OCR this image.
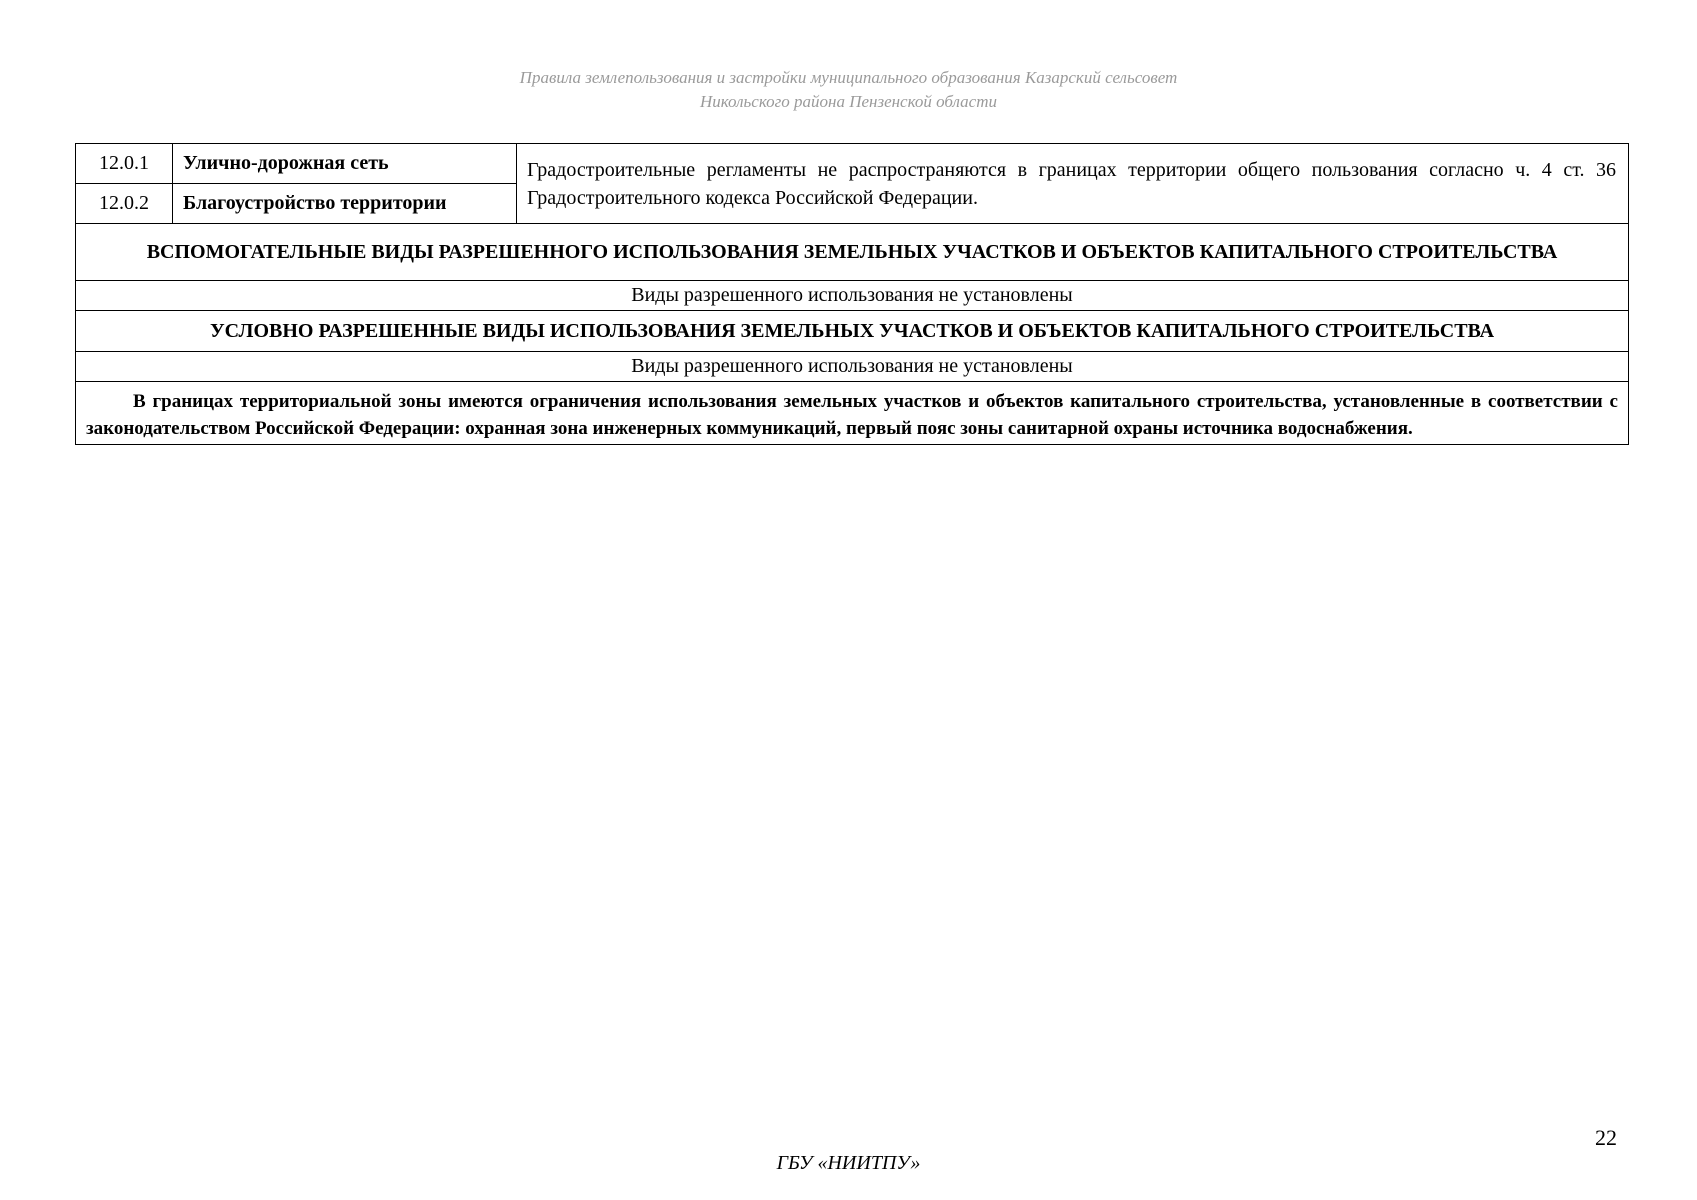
Правила землепользования и застройки муниципального образования Казарский сельсовет
Никольского района Пензенской области
12.0.1	Улично-дорожная сеть	Градостроительные регламенты не распространяются в границах территории общего пользования согласно ч. 4 ст. 36 Градостроительного кодекса Российской Федерации.
12.0.2	Благоустройство территории	
ВСПОМОГАТЕЛЬНЫЕ ВИДЫ РАЗРЕШЕННОГО ИСПОЛЬЗОВАНИЯ ЗЕМЕЛЬНЫХ УЧАСТКОВ И ОБЪЕКТОВ КАПИТАЛЬНОГО СТРОИТЕЛЬСТВА		
Виды разрешенного использования не установлены		
УСЛОВНО РАЗРЕШЕННЫЕ ВИДЫ ИСПОЛЬЗОВАНИЯ ЗЕМЕЛЬНЫХ УЧАСТКОВ И ОБЪЕКТОВ КАПИТАЛЬНОГО СТРОИТЕЛЬСТВА		
Виды разрешенного использования не установлены		

В границах территориальной зоны имеются ограничения использования земельных участков и объектов капитального строительства, установленные в соответствии с законодательством Российской Федерации: охранная зона инженерных коммуникаций, первый пояс зоны санитарной охраны источника водоснабжения.		

22
ГБУ «НИИТПУ»
